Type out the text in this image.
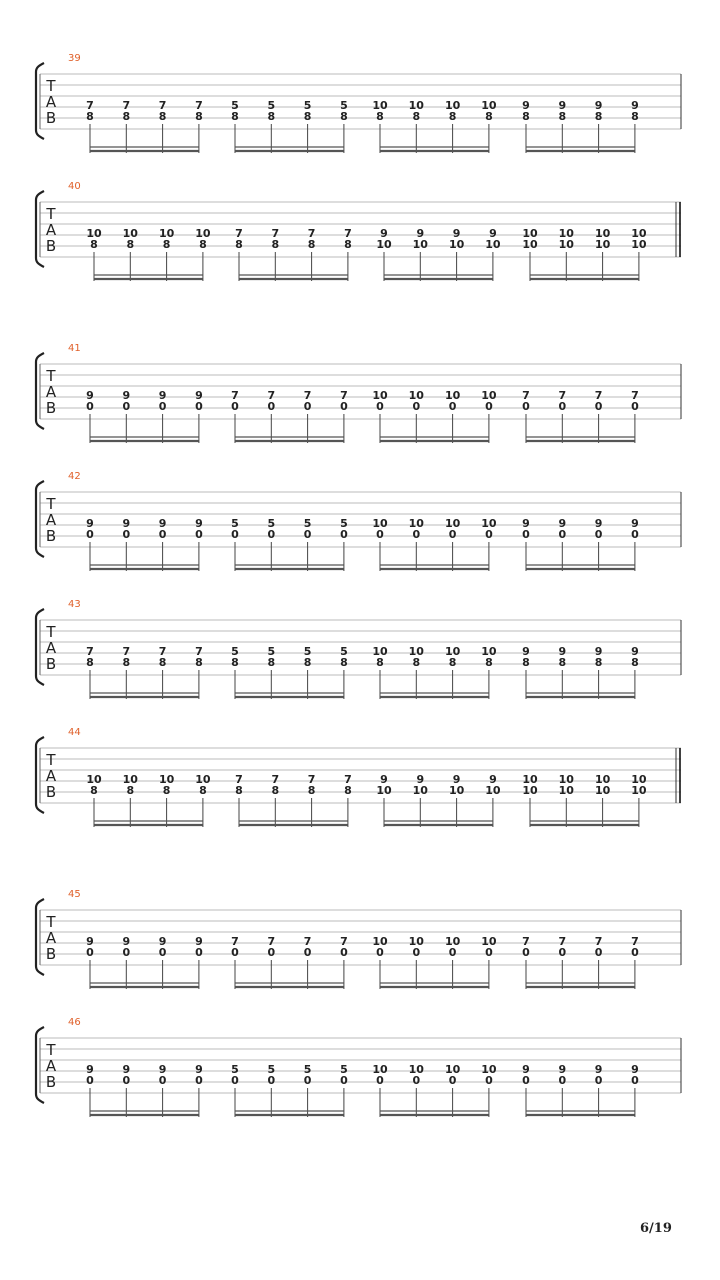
39
T
A
B
7
8
7
8
7
8
7
8
5
8
5
8
5
8
5
8
10
8
10
8
10
8
10
8
9
8
9
8
9
8
9
8
40
T
A
B
10
8
10
8
10
8
10
8
7
8
7
8
7
8
7
8
9
10
9
10
9
10
9
10
10
10
10
10
10
10
10
10
41
T
A
B
9
0
9
0
9
0
9
0
7
0
7
0
7
0
7
0
10
0
10
0
10
0
10
0
7
0
7
0
7
0
7
0
42
T
A
B
9
0
9
0
9
0
9
0
5
0
5
0
5
0
5
0
10
0
10
0
10
0
10
0
9
0
9
0
9
0
9
0
43
T
A
B
7
8
7
8
7
8
7
8
5
8
5
8
5
8
5
8
10
8
10
8
10
8
10
8
9
8
9
8
9
8
9
8
44
T
A
B
10
8
10
8
10
8
10
8
7
8
7
8
7
8
7
8
9
10
9
10
9
10
9
10
10
10
10
10
10
10
10
10
45
T
A
B
9
0
9
0
9
0
9
0
7
0
7
0
7
0
7
0
10
0
10
0
10
0
10
0
7
0
7
0
7
0
7
0
46
T
A
B
9
0
9
0
9
0
9
0
5
0
5
0
5
0
5
0
10
0
10
0
10
0
10
0
9
0
9
0
9
0
9
0
6/19
